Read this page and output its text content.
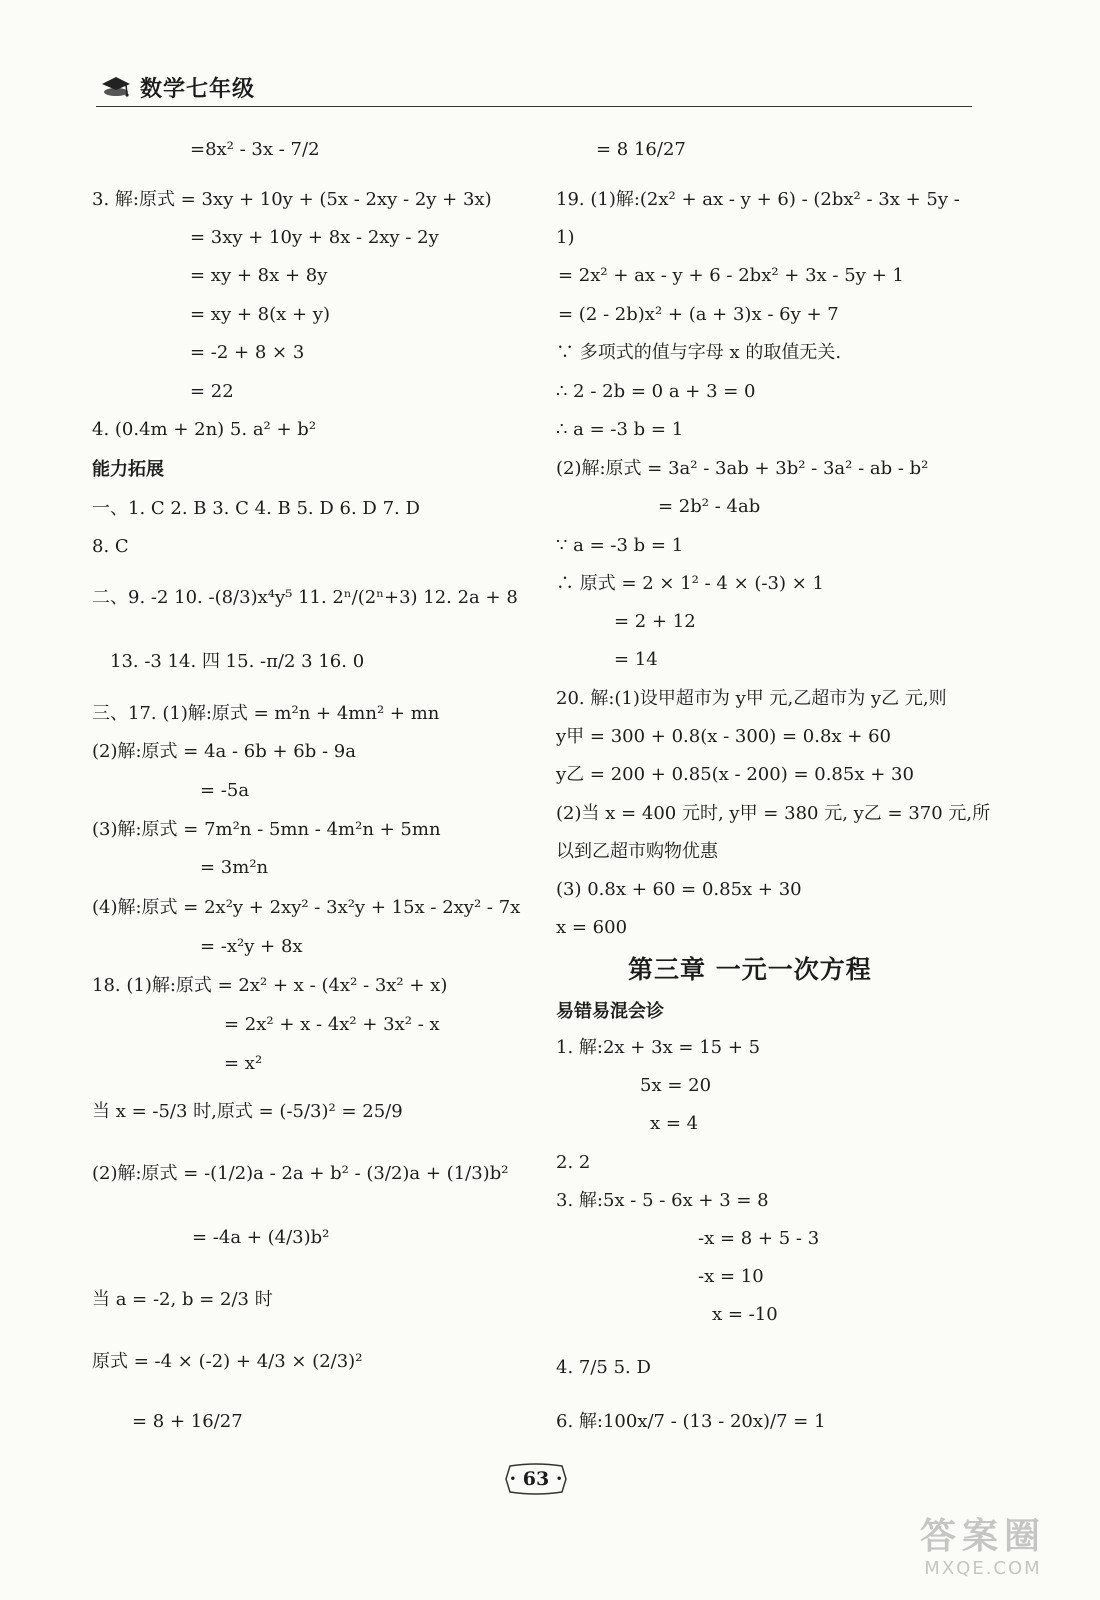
数学七年级
=8x² - 3x - 7/2
3. 解:原式 = 3xy + 10y + (5x - 2xy - 2y + 3x)
= 3xy + 10y + 8x - 2xy - 2y
= xy + 8x + 8y
= xy + 8(x + y)
= -2 + 8 × 3
= 22
4. (0.4m + 2n) 5. a² + b²
能力拓展
一、1. C 2. B 3. C 4. B 5. D 6. D 7. D
8. C
二、9. -2 10. -(8/3)x⁴y⁵ 11. 2ⁿ/(2ⁿ+3) 12. 2a + 8
13. -3 14. 四 15. -π/2 3 16. 0
三、17. (1)解:原式 = m²n + 4mn² + mn
(2)解:原式 = 4a - 6b + 6b - 9a
= -5a
(3)解:原式 = 7m²n - 5mn - 4m²n + 5mn
= 3m²n
(4)解:原式 = 2x²y + 2xy² - 3x²y + 15x - 2xy² - 7x
= -x²y + 8x
18. (1)解:原式 = 2x² + x - (4x² - 3x² + x)
= 2x² + x - 4x² + 3x² - x
= x²
当 x = -5/3 时,原式 = (-5/3)² = 25/9
(2)解:原式 = -(1/2)a - 2a + b² - (3/2)a + (1/3)b²
= -4a + (4/3)b²
当 a = -2, b = 2/3 时
原式 = -4 × (-2) + 4/3 × (2/3)²
= 8 + 16/27
= 8 16/27
19. (1)解:(2x² + ax - y + 6) - (2bx² - 3x + 5y -
1)
= 2x² + ax - y + 6 - 2bx² + 3x - 5y + 1
= (2 - 2b)x² + (a + 3)x - 6y + 7
∵ 多项式的值与字母 x 的取值无关.
∴ 2 - 2b = 0 a + 3 = 0
∴ a = -3 b = 1
(2)解:原式 = 3a² - 3ab + 3b² - 3a² - ab - b²
= 2b² - 4ab
∵ a = -3 b = 1
∴ 原式 = 2 × 1² - 4 × (-3) × 1
= 2 + 12
= 14
20. 解:(1)设甲超市为 y甲 元,乙超市为 y乙 元,则
y甲 = 300 + 0.8(x - 300) = 0.8x + 60
y乙 = 200 + 0.85(x - 200) = 0.85x + 30
(2)当 x = 400 元时, y甲 = 380 元, y乙 = 370 元,所
以到乙超市购物优惠
(3) 0.8x + 60 = 0.85x + 30
x = 600
第三章 一元一次方程
易错易混会诊
1. 解:2x + 3x = 15 + 5
5x = 20
x = 4
2. 2
3. 解:5x - 5 - 6x + 3 = 8
-x = 8 + 5 - 3
-x = 10
x = -10
4. 7/5 5. D
6. 解:100x/7 - (13 - 20x)/7 = 1
· 63 ·
答案圈
MXQE.COM
